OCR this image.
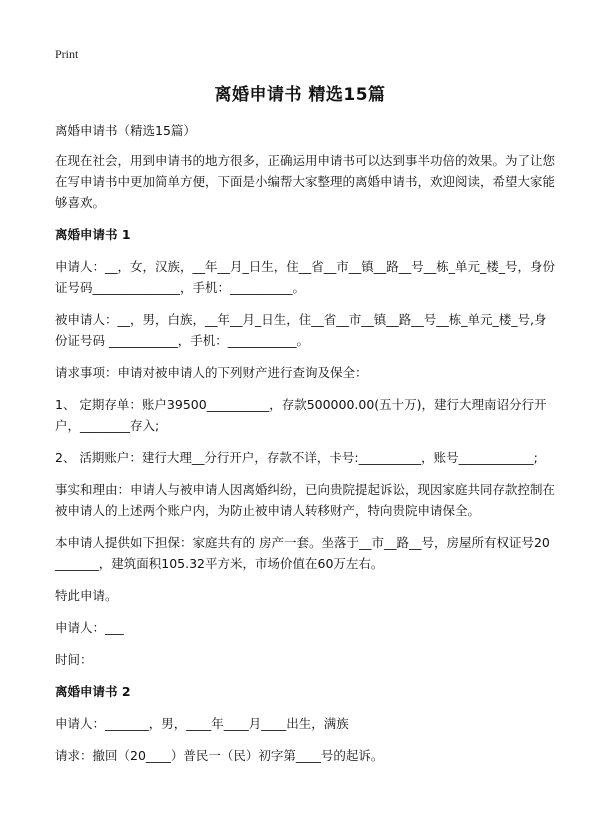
Print
离婚申请书 精选15篇

离婚申请书（精选15篇）

在现在社会，用到申请书的地方很多，正确运用申请书可以达到事半功倍的效果。为了让您在写申请书中更加简单方便，下面是小编帮大家整理的离婚申请书，欢迎阅读，希望大家能够喜欢。

离婚申请书 1

申请人：__，女，汉族，__年__月_日生，住__省__市__镇__路__号__栋_单元_楼_号，身份证号码______________，手机：__________。

被申请人：__，男，白族，__年__月_日生，住__省__市__镇__路__号__栋_单元_楼_号,身份证号码 ___________，手机：___________。

请求事项：申请对被申请人的下列财产进行查询及保全：

1、 定期存单：账户39500__________，存款500000.00(五十万)，建行大理南诏分行开户，________存入;

2、 活期账户：建行大理__分行开户，存款不详，卡号:__________，账号____________;

事实和理由：申请人与被申请人因离婚纠纷，已向贵院提起诉讼，现因家庭共同存款控制在被申请人的上述两个账户内，为防止被申请人转移财产，特向贵院申请保全。

本申请人提供如下担保：家庭共有的 房产一套。坐落于__市__路__号，房屋所有权证号20_______，建筑面积105.32平方米，市场价值在60万左右。

特此申请。

申请人：___

时间：

离婚申请书 2

申请人：_______，男，____年____月____出生，满族

请求：撤回（20____）普民一（民）初字第____号的起诉。
